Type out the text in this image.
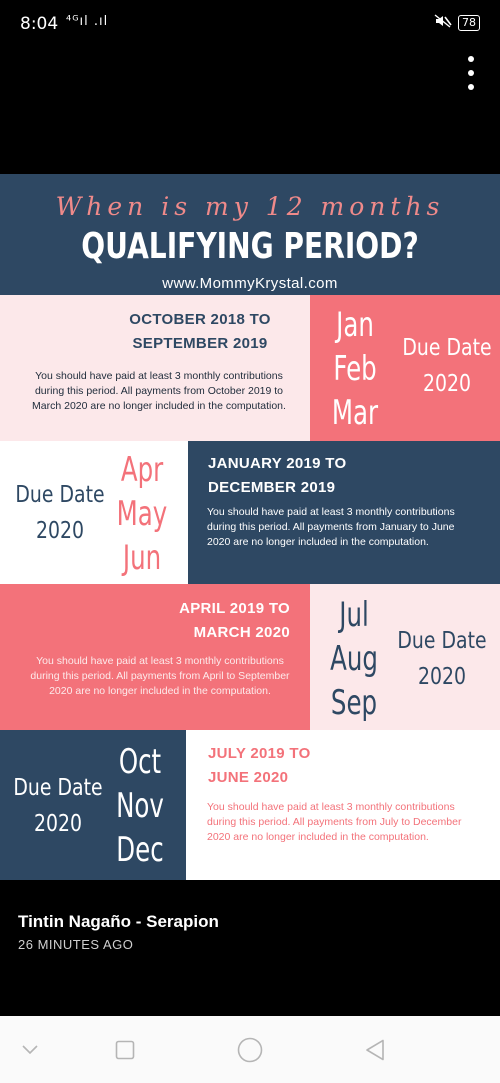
8:04 ⁴ᴳıl .ıl	78
When is my 12 months
QUALIFYING PERIOD?
www.MommyKrystal.com
OCTOBER 2018 TO
SEPTEMBER 2019
You should have paid at least 3 monthly contributions during this period. All payments from October 2019 to March 2020 are no longer included in the computation.
Jan
Feb
Mar
Due Date
2020
Due Date
2020
Apr
May
Jun
JANUARY 2019 TO
DECEMBER 2019
You should have paid at least 3 monthly contributions during this period. All payments from January to June 2020 are no longer included in the computation.
APRIL 2019 TO
MARCH 2020
You should have paid at least 3 monthly contributions during this period. All payments from April to September 2020 are no longer included in the computation.
Jul
Aug
Sep
Due Date
2020
Due Date
2020
Oct
Nov
Dec
JULY 2019 TO
JUNE 2020
You should have paid at least 3 monthly contributions during this period. All payments from July to December 2020 are no longer included in the computation.
Tintin Nagaño - Serapion
26 MINUTES AGO
